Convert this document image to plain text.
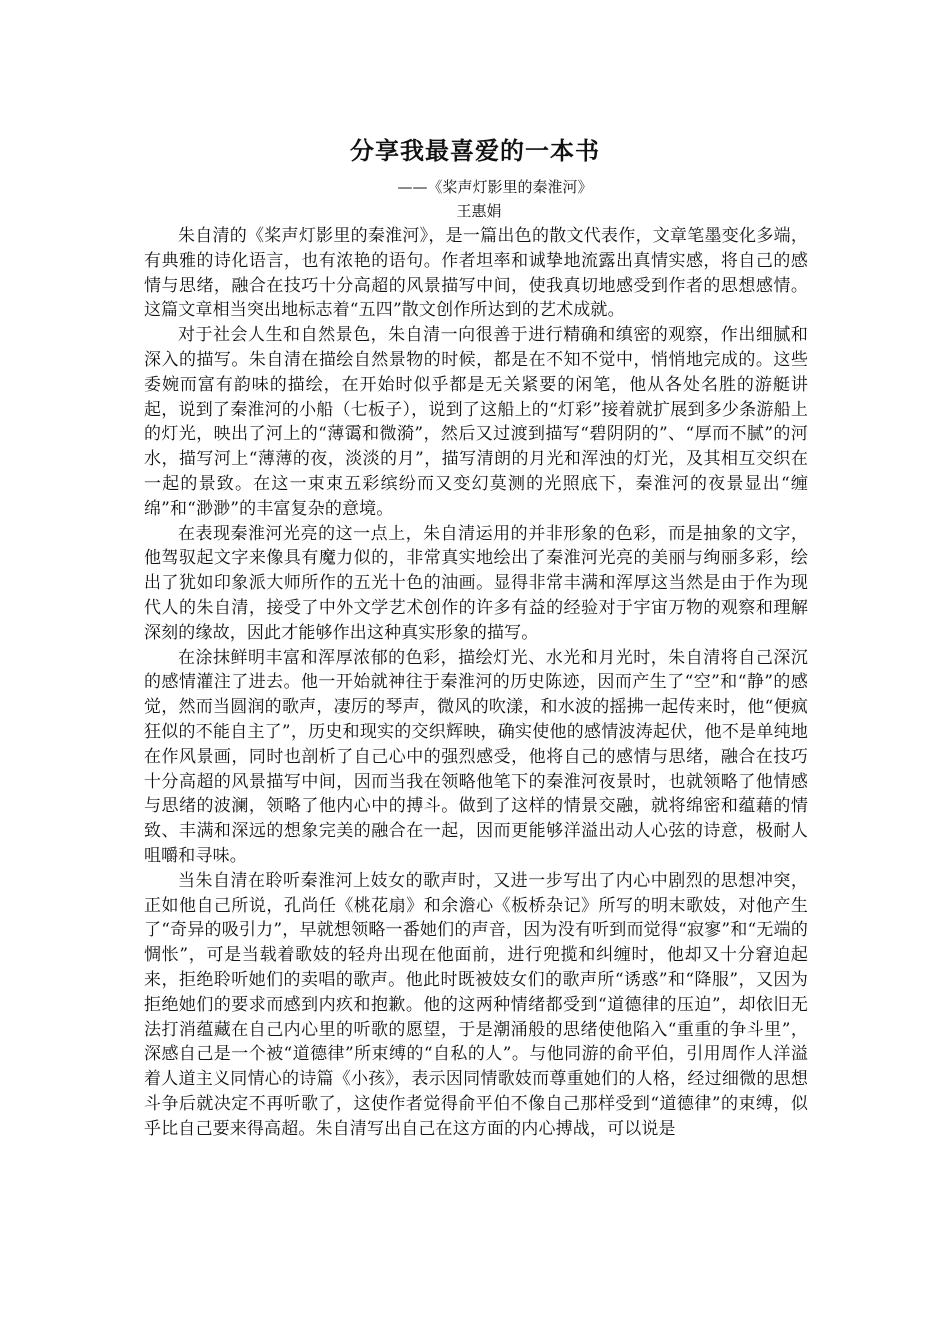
分享我最喜爱的一本书
——《桨声灯影里的秦淮河》
王惠娟

朱自清的《桨声灯影里的秦淮河》，是一篇出色的散文代表作，文章笔墨变化多端，有典雅的诗化语言，也有浓艳的语句。作者坦率和诚挚地流露出真情实感，将自己的感情与思绪，融合在技巧十分高超的风景描写中间，使我真切地感受到作者的思想感情。这篇文章相当突出地标志着“五四”散文创作所达到的艺术成就。

对于社会人生和自然景色，朱自清一向很善于进行精确和缜密的观察，作出细腻和深入的描写。朱自清在描绘自然景物的时候，都是在不知不觉中，悄悄地完成的。这些委婉而富有韵味的描绘，在开始时似乎都是无关紧要的闲笔，他从各处名胜的游艇讲起，说到了秦淮河的小船（七板子），说到了这船上的“灯彩”接着就扩展到多少条游船上的灯光，映出了河上的“薄霭和微漪”，然后又过渡到描写“碧阴阴的”、“厚而不腻”的河水，描写河上“薄薄的夜，淡淡的月”，描写清朗的月光和浑浊的灯光，及其相互交织在一起的景致。在这一束束五彩缤纷而又变幻莫测的光照底下，秦淮河的夜景显出“缠绵”和“渺渺”的丰富复杂的意境。

在表现秦淮河光亮的这一点上，朱自清运用的并非形象的色彩，而是抽象的文字，他驾驭起文字来像具有魔力似的，非常真实地绘出了秦淮河光亮的美丽与绚丽多彩，绘出了犹如印象派大师所作的五光十色的油画。显得非常丰满和浑厚这当然是由于作为现代人的朱自清，接受了中外文学艺术创作的许多有益的经验对于宇宙万物的观察和理解深刻的缘故，因此才能够作出这种真实形象的描写。

在涂抹鲜明丰富和浑厚浓郁的色彩，描绘灯光、水光和月光时，朱自清将自己深沉的感情灌注了进去。他一开始就神往于秦淮河的历史陈迹，因而产生了“空”和“静”的感觉，然而当圆润的歌声，凄厉的琴声，微风的吹漾，和水波的摇拂一起传来时，他“便疯狂似的不能自主了”，历史和现实的交织辉映，确实使他的感情波涛起伏，他不是单纯地在作风景画，同时也剖析了自己心中的强烈感受，他将自己的感情与思绪，融合在技巧十分高超的风景描写中间，因而当我在领略他笔下的秦淮河夜景时，也就领略了他情感与思绪的波澜，领略了他内心中的搏斗。做到了这样的情景交融，就将绵密和蕴藉的情致、丰满和深远的想象完美的融合在一起，因而更能够洋溢出动人心弦的诗意，极耐人咀嚼和寻味。

当朱自清在聆听秦淮河上妓女的歌声时，又进一步写出了内心中剧烈的思想冲突，正如他自己所说，孔尚任《桃花扇》和余澹心《板桥杂记》所写的明末歌妓，对他产生了“奇异的吸引力”，早就想领略一番她们的声音，因为没有听到而觉得“寂寥”和“无端的惆怅”，可是当载着歌妓的轻舟出现在他面前，进行兜揽和纠缠时，他却又十分窘迫起来，拒绝聆听她们的卖唱的歌声。他此时既被妓女们的歌声所“诱惑”和“降服”，又因为拒绝她们的要求而感到内疚和抱歉。他的这两种情绪都受到“道德律的压迫”，却依旧无法打消蕴藏在自己内心里的听歌的愿望，于是潮涌般的思绪使他陷入“重重的争斗里”，深感自己是一个被“道德律”所束缚的“自私的人”。与他同游的俞平伯，引用周作人洋溢着人道主义同情心的诗篇《小孩》，表示因同情歌妓而尊重她们的人格，经过细微的思想斗争后就决定不再听歌了，这使作者觉得俞平伯不像自己那样受到“道德律”的束缚，似乎比自己要来得高超。朱自清写出自己在这方面的内心搏战，可以说是
